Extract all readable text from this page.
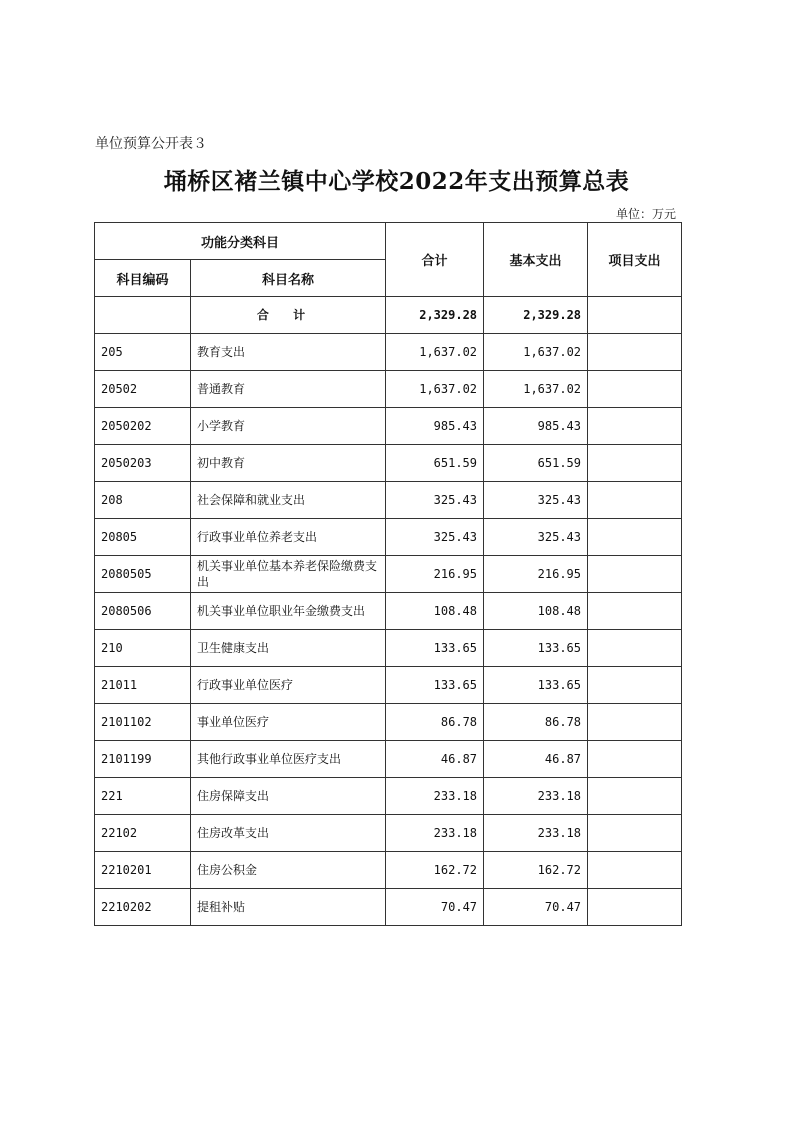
单位预算公开表３
埇桥区褚兰镇中心学校2022年支出预算总表
单位：万元
功能分类科目		合计	基本支出	项目支出
科目编码	科目名称			
	合 计	2,329.28	2,329.28	
205	教育支出	1,637.02	1,637.02	
20502	普通教育	1,637.02	1,637.02	
2050202	小学教育	985.43	985.43	
2050203	初中教育	651.59	651.59	
208	社会保障和就业支出	325.43	325.43	
20805	行政事业单位养老支出	325.43	325.43	
2080505	机关事业单位基本养老保险缴费支出	216.95	216.95	
2080506	机关事业单位职业年金缴费支出	108.48	108.48	
210	卫生健康支出	133.65	133.65	
21011	行政事业单位医疗	133.65	133.65	
2101102	事业单位医疗	86.78	86.78	
2101199	其他行政事业单位医疗支出	46.87	46.87	
221	住房保障支出	233.18	233.18	
22102	住房改革支出	233.18	233.18	
2210201	住房公积金	162.72	162.72	
2210202	提租补贴	70.47	70.47	
